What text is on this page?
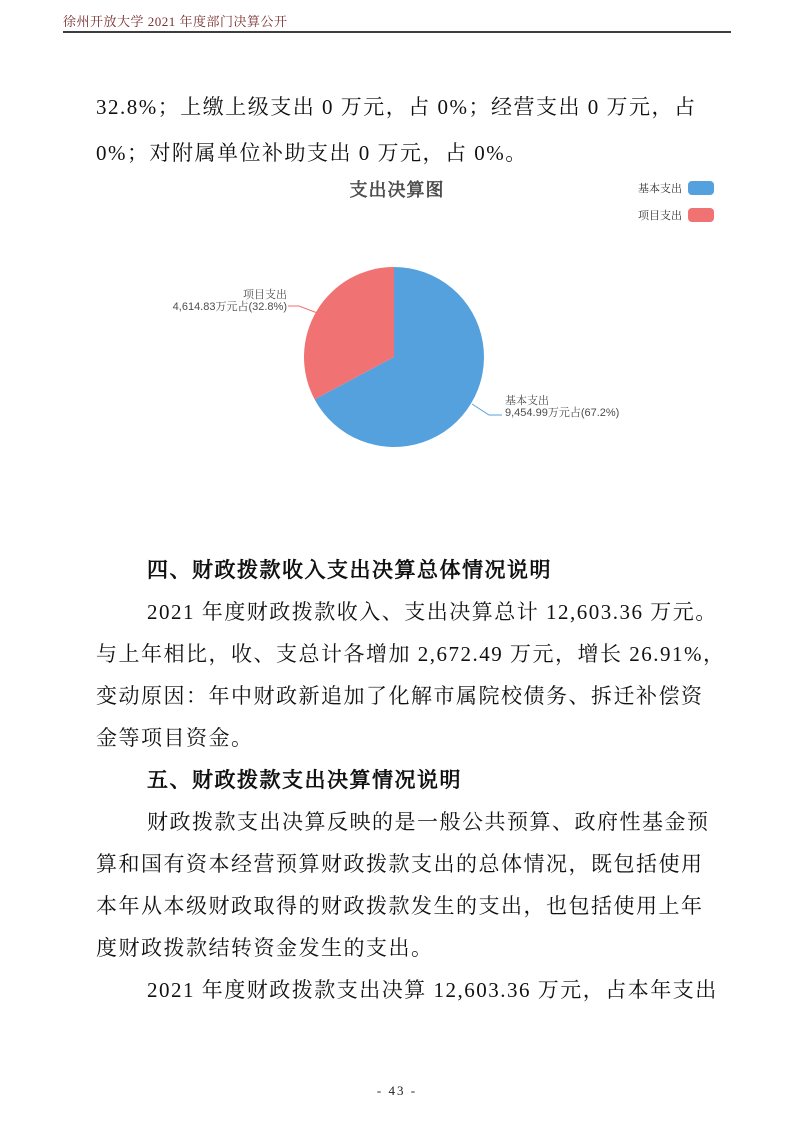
徐州开放大学 2021 年度部门决算公开
32.8%；上缴上级支出 0 万元，占 0%；经营支出 0 万元，占
0%；对附属单位补助支出 0 万元，占 0%。
支出决算图	基本支出
项目支出
项目支出
4,614.83万元占(32.8%)
基本支出
9,454.99万元占(67.2%)
四、财政拨款收入支出决算总体情况说明
2021 年度财政拨款收入、支出决算总计 12,603.36 万元。
与上年相比，收、支总计各增加 2,672.49 万元，增长 26.91%，
变动原因：年中财政新追加了化解市属院校债务、拆迁补偿资
金等项目资金。
五、财政拨款支出决算情况说明
财政拨款支出决算反映的是一般公共预算、政府性基金预
算和国有资本经营预算财政拨款支出的总体情况，既包括使用
本年从本级财政取得的财政拨款发生的支出，也包括使用上年
度财政拨款结转资金发生的支出。
2021 年度财政拨款支出决算 12,603.36 万元，占本年支出
- 43 -
